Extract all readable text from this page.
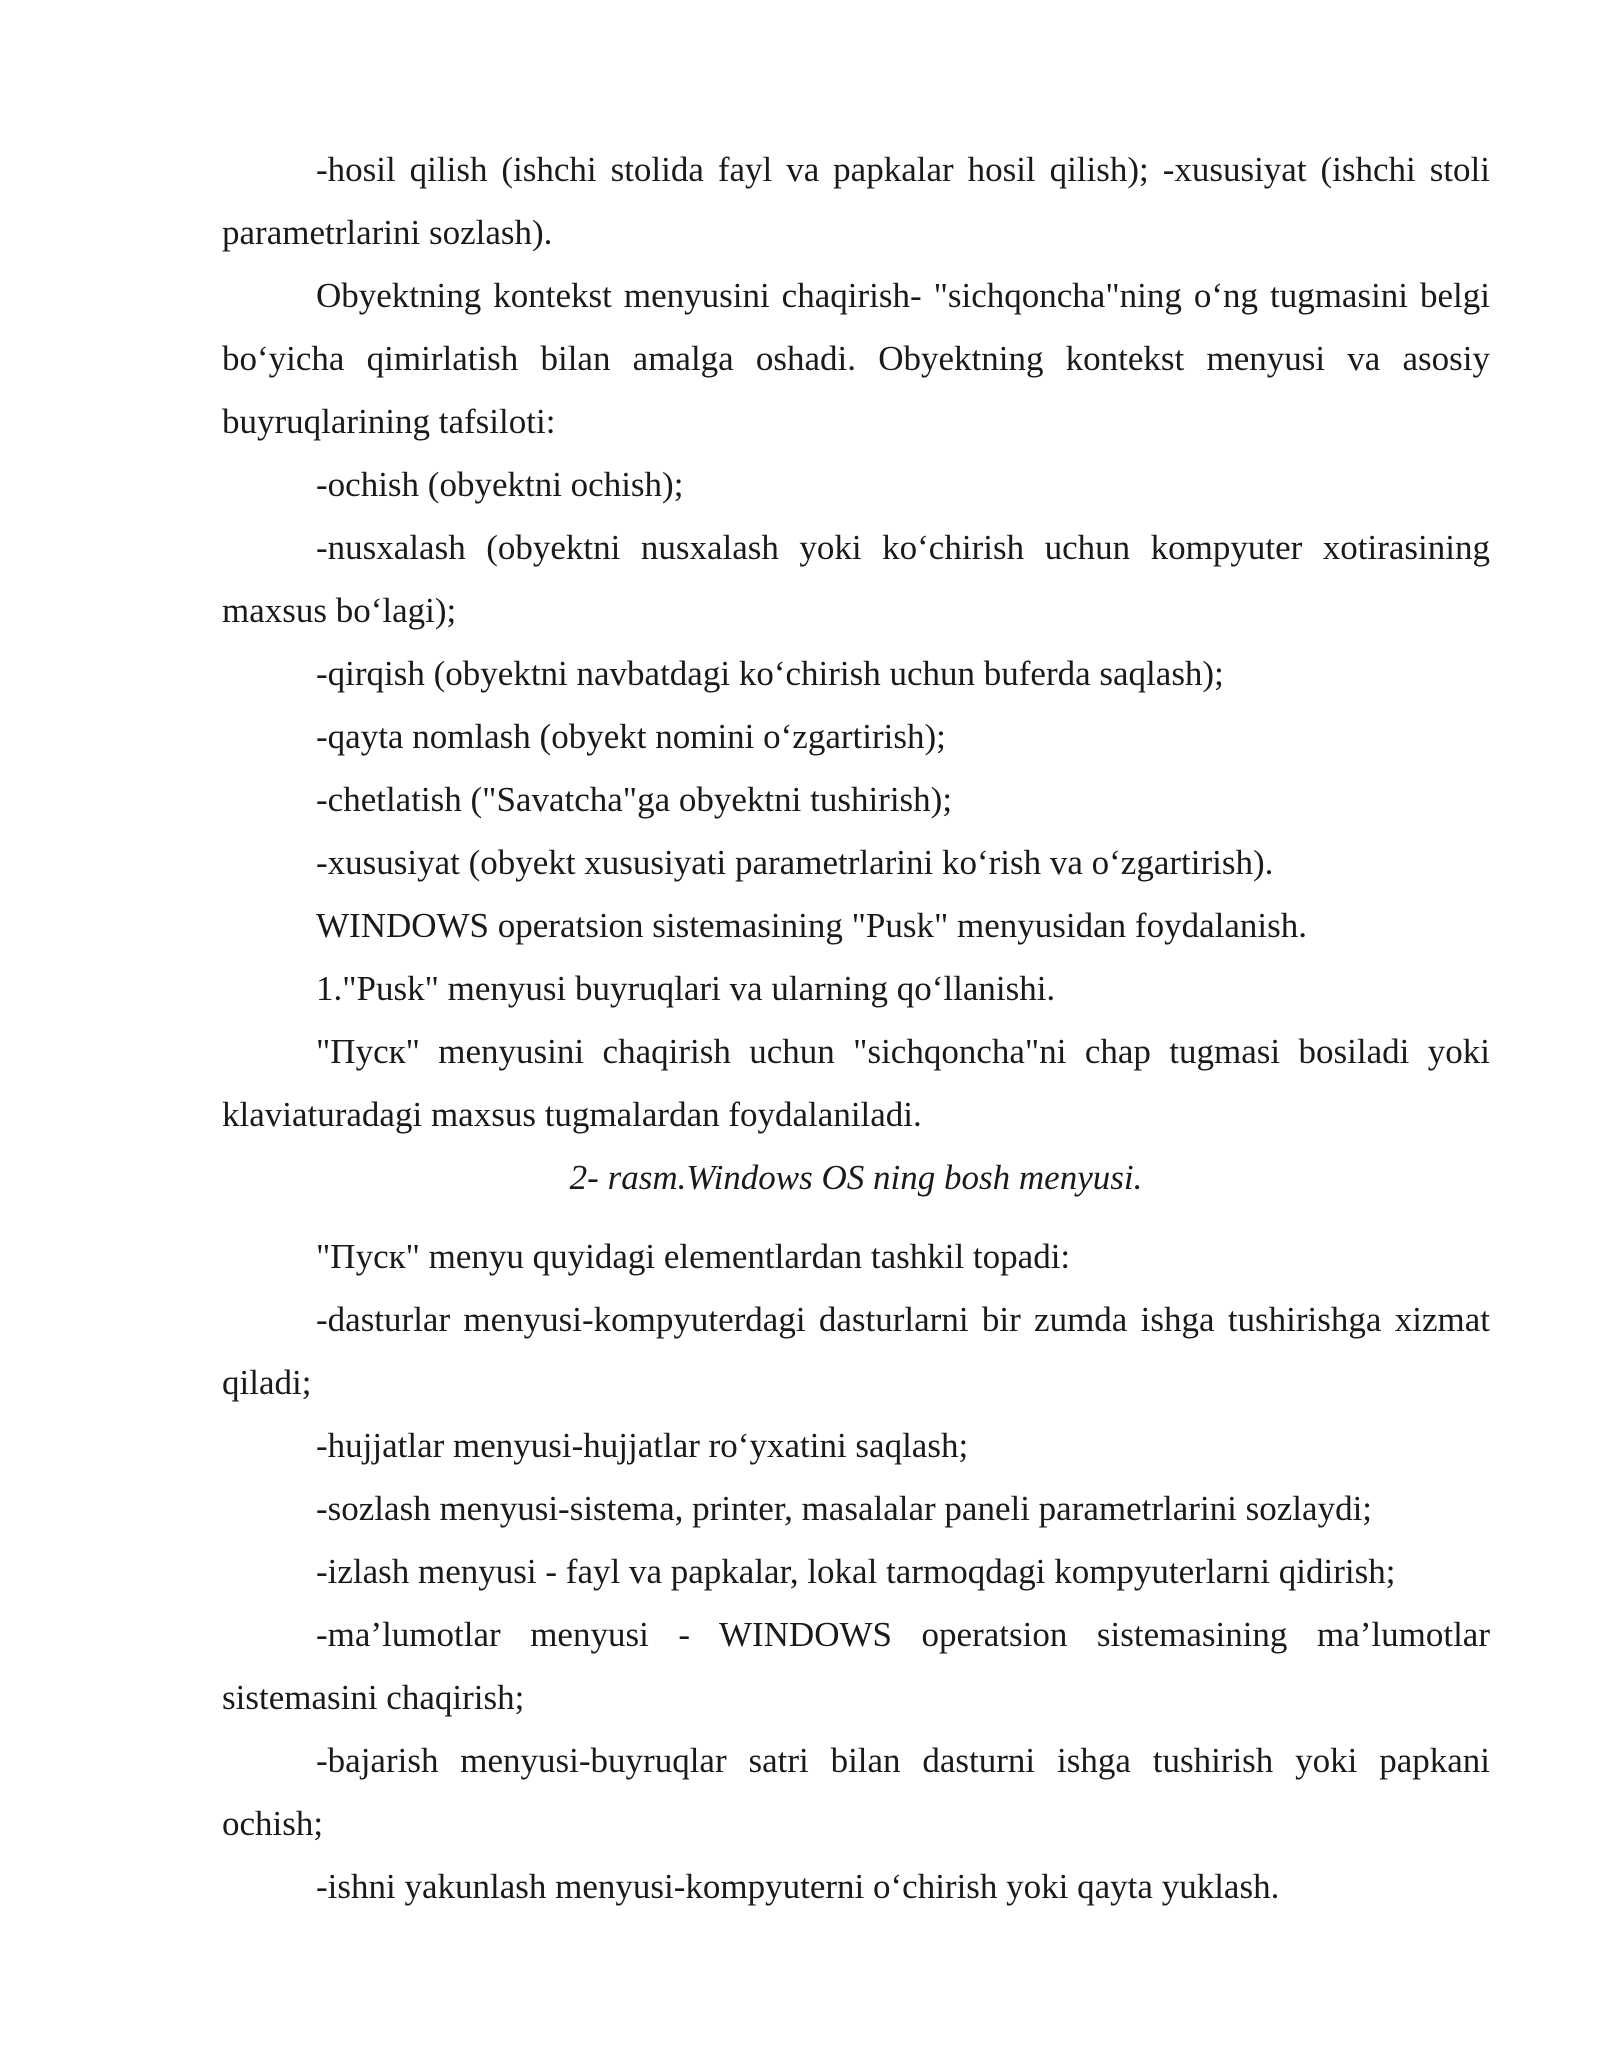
-hosil qilish (ishchi stolida fayl va papkalar hosil qilish); -xususiyat (ishchi stoli parametrlarini sozlash).

Obyektning kontekst menyusini chaqirish- "sichqoncha"ning o‘ng tugmasini belgi bo‘yicha qimirlatish bilan amalga oshadi. Obyektning kontekst menyusi va asosiy buyruqlarining tafsiloti:

-ochish (obyektni ochish);

-nusxalash (obyektni nusxalash yoki ko‘chirish uchun kompyuter xotirasining maxsus bo‘lagi);

-qirqish (obyektni navbatdagi ko‘chirish uchun buferda saqlash);

-qayta nomlash (obyekt nomini o‘zgartirish);

-chetlatish ("Savatcha"ga obyektni tushirish);

-xususiyat (obyekt xususiyati parametrlarini ko‘rish va o‘zgartirish).

WINDOWS operatsion sistemasining "Pusk" menyusidan foydalanish.

1."Pusk" menyusi buyruqlari va ularning qo‘llanishi.

"Пуск" menyusini chaqirish uchun "sichqoncha"ni chap tugmasi bosiladi yoki klaviaturadagi maxsus tugmalardan foydalaniladi.

2- rasm.Windows OS ning bosh menyusi.

"Пуск" menyu quyidagi elementlardan tashkil topadi:

-dasturlar menyusi-kompyuterdagi dasturlarni bir zumda ishga tushirishga xizmat qiladi;

-hujjatlar menyusi-hujjatlar ro‘yxatini saqlash;

-sozlash menyusi-sistema, printer, masalalar paneli parametrlarini sozlaydi;

-izlash menyusi - fayl va papkalar, lokal tarmoqdagi kompyuterlarni qidirish;

-ma’lumotlar menyusi - WINDOWS operatsion sistemasining ma’lumotlar sistemasini chaqirish;

-bajarish menyusi-buyruqlar satri bilan dasturni ishga tushirish yoki papkani ochish;

-ishni yakunlash menyusi-kompyuterni o‘chirish yoki qayta yuklash.
